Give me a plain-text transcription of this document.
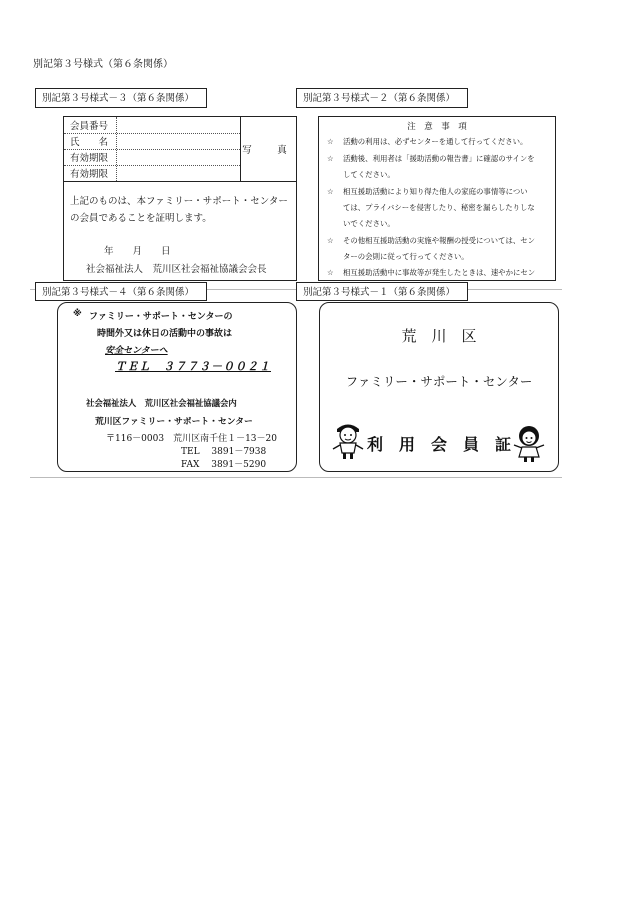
別記第３号様式（第６条関係）
別記第３号様式－３（第６条関係）	別記第３号様式－２（第６条関係）
会員番号
氏　　名
有効期限
有効期限
写　真
上記のものは、本ファミリー・サポート・センター
の会員であることを証明します。
年　　月　　日
社会福祉法人　荒川区社会福祉協議会会長
注　意　事　項
☆ 活動の利用は、必ずセンターを通して行ってください。
☆ 活動後、利用者は「援助活動の報告書」に確認のサインを
してください。
☆ 相互援助活動により知り得た他人の家庭の事情等につい
ては、プライバシーを侵害したり、秘密を漏らしたりしな
いでください。
☆ その他相互援助活動の実施や報酬の授受については、セン
ターの会則に従って行ってください。
☆ 相互援助活動中に事故等が発生したときは、速やかにセン
別記第３号様式－４（第６条関係）	別記第３号様式－１（第６条関係）
※ ファミリー・サポート・センターの
時間外又は休日の活動中の事故は
安全センターへ
ＴＥＬ　３７７３－００２１
社会福祉法人　荒川区社会福祉協議会内
荒川区ファミリー・サポート・センター
〒116－0003　荒川区南千住１－13－20
TEL　 3891－7938
FAX　 3891－5290
荒　川　区
ファミリー・サポート・センター
利　用　会　員　証
